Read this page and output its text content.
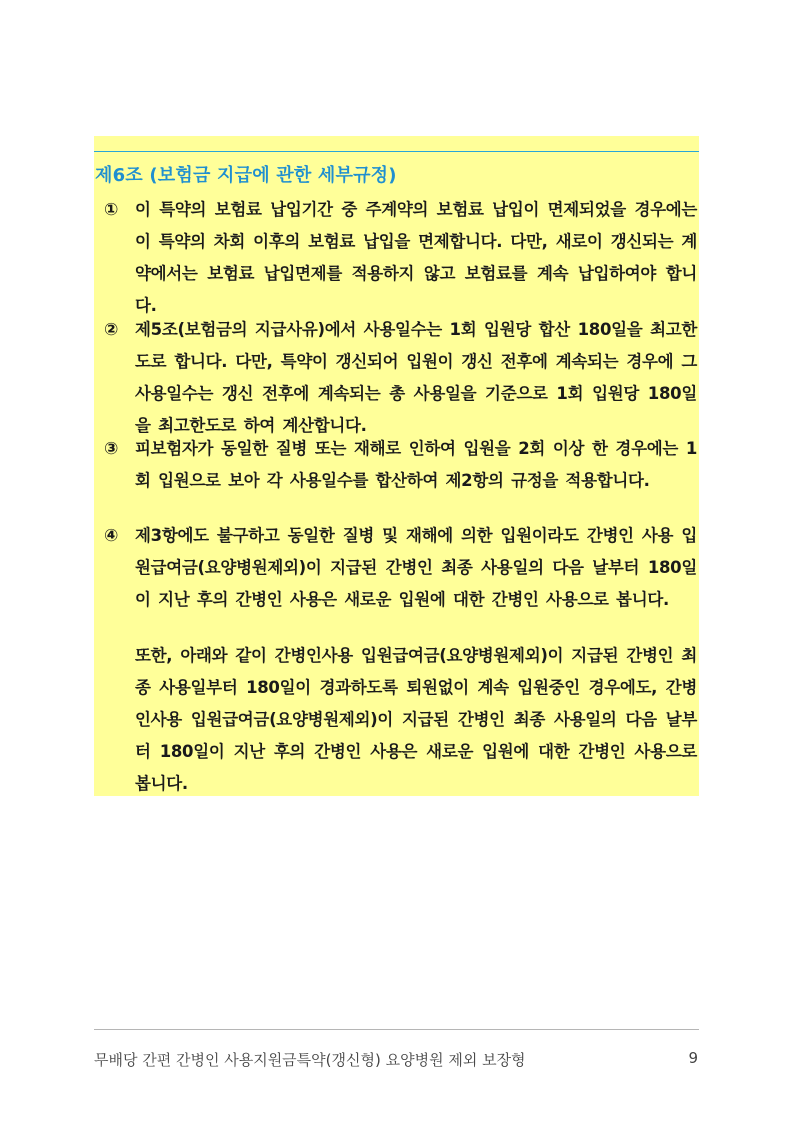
제6조 (보험금 지급에 관한 세부규정)
① 이 특약의 보험료 납입기간 중 주계약의 보험료 납입이 면제되었을 경우에는 이 특약의 차회 이후의 보험료 납입을 면제합니다. 다만, 새로이 갱신되는 계약에서는 보험료 납입면제를 적용하지 않고 보험료를 계속 납입하여야 합니다.

② 제5조(보험금의 지급사유)에서 사용일수는 1회 입원당 합산 180일을 최고한도로 합니다. 다만, 특약이 갱신되어 입원이 갱신 전후에 계속되는 경우에 그 사용일수는 갱신 전후에 계속되는 총 사용일을 기준으로 1회 입원당 180일을 최고한도로 하여 계산합니다.

③ 피보험자가 동일한 질병 또는 재해로 인하여 입원을 2회 이상 한 경우에는 1회 입원으로 보아 각 사용일수를 합산하여 제2항의 규정을 적용합니다.

④ 제3항에도 불구하고 동일한 질병 및 재해에 의한 입원이라도 간병인 사용 입원급여금(요양병원제외)이 지급된 간병인 최종 사용일의 다음 날부터 180일이 지난 후의 간병인 사용은 새로운 입원에 대한 간병인 사용으로 봅니다.

또한, 아래와 같이 간병인사용 입원급여금(요양병원제외)이 지급된 간병인 최종 사용일부터 180일이 경과하도록 퇴원없이 계속 입원중인 경우에도, 간병인사용 입원급여금(요양병원제외)이 지급된 간병인 최종 사용일의 다음 날부터 180일이 지난 후의 간병인 사용은 새로운 입원에 대한 간병인 사용으로 봅니다.

무배당 간편 간병인 사용지원금특약(갱신형) 요양병원 제외 보장형	9
